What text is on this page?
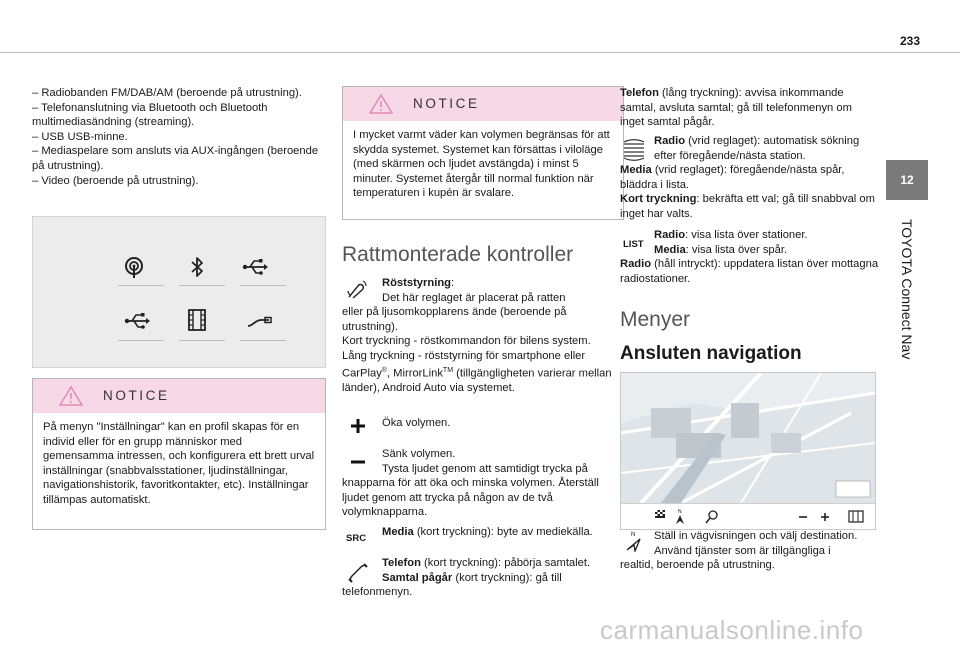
233
12
TOYOTA Connect Nav

– Radiobanden FM/DAB/AM (beroende på utrustning).

– Telefonanslutning via Bluetooth och Bluetooth multimediasändning (streaming).

– USB USB-minne.

– Mediaspelare som ansluts via AUX-ingången (beroende på utrustning).

– Video (beroende på utrustning).

NOTICE

På menyn "Inställningar" kan en profil skapas för en individ eller för en grupp människor med gemensamma intressen, och konfigurera ett brett urval inställningar (snabbvalsstationer, ljudinställningar, navigationshistorik, favoritkontakter, etc). Inställningar tillämpas automatiskt.

NOTICE

I mycket varmt väder kan volymen begränsas för att skydda systemet. Systemet kan försättas i viloläge (med skärmen och ljudet avstängda) i minst 5 minuter. Systemet återgår till normal funktion när temperaturen i kupén är svalare.

Rattmonterade kontroller

Röststyrning:

Det här reglaget är placerat på ratten

eller på ljusomkopplarens ände (beroende på utrustning).

Kort tryckning - röstkommandon för bilens system.

Lång tryckning - röststyrning för smartphone eller CarPlay®, MirrorLink™ (tillgängligheten varierar mellan länder), Android Auto via systemet.

Öka volymen.

Sänk volymen.

Tysta ljudet genom att samtidigt trycka på

knapparna för att öka och minska volymen. Återställ ljudet genom att trycka på någon av de två volymknapparna.

SRC

Media (kort tryckning): byte av mediekälla.

Telefon (kort tryckning): påbörja samtalet.

Samtal pågår (kort tryckning): gå till

telefonmenyn.

Telefon (lång tryckning): avvisa inkommande samtal, avsluta samtal; gå till telefonmenyn om inget samtal pågår.

Radio (vrid reglaget): automatisk sökning efter föregående/nästa station.

Media (vrid reglaget): föregående/nästa spår, bläddra i lista.

Kort tryckning: bekräfta ett val; gå till snabbval om inget har valts.

LIST

Radio: visa lista över stationer.

Media: visa lista över spår.

Radio (håll intryckt): uppdatera listan över mottagna radiostationer.

Menyer
Ansluten navigation
N
N	Ställ in vägvisningen och välj destination.

Använd tjänster som är tillgängliga i

realtid, beroende på utrustning.

carmanualsonline.info
